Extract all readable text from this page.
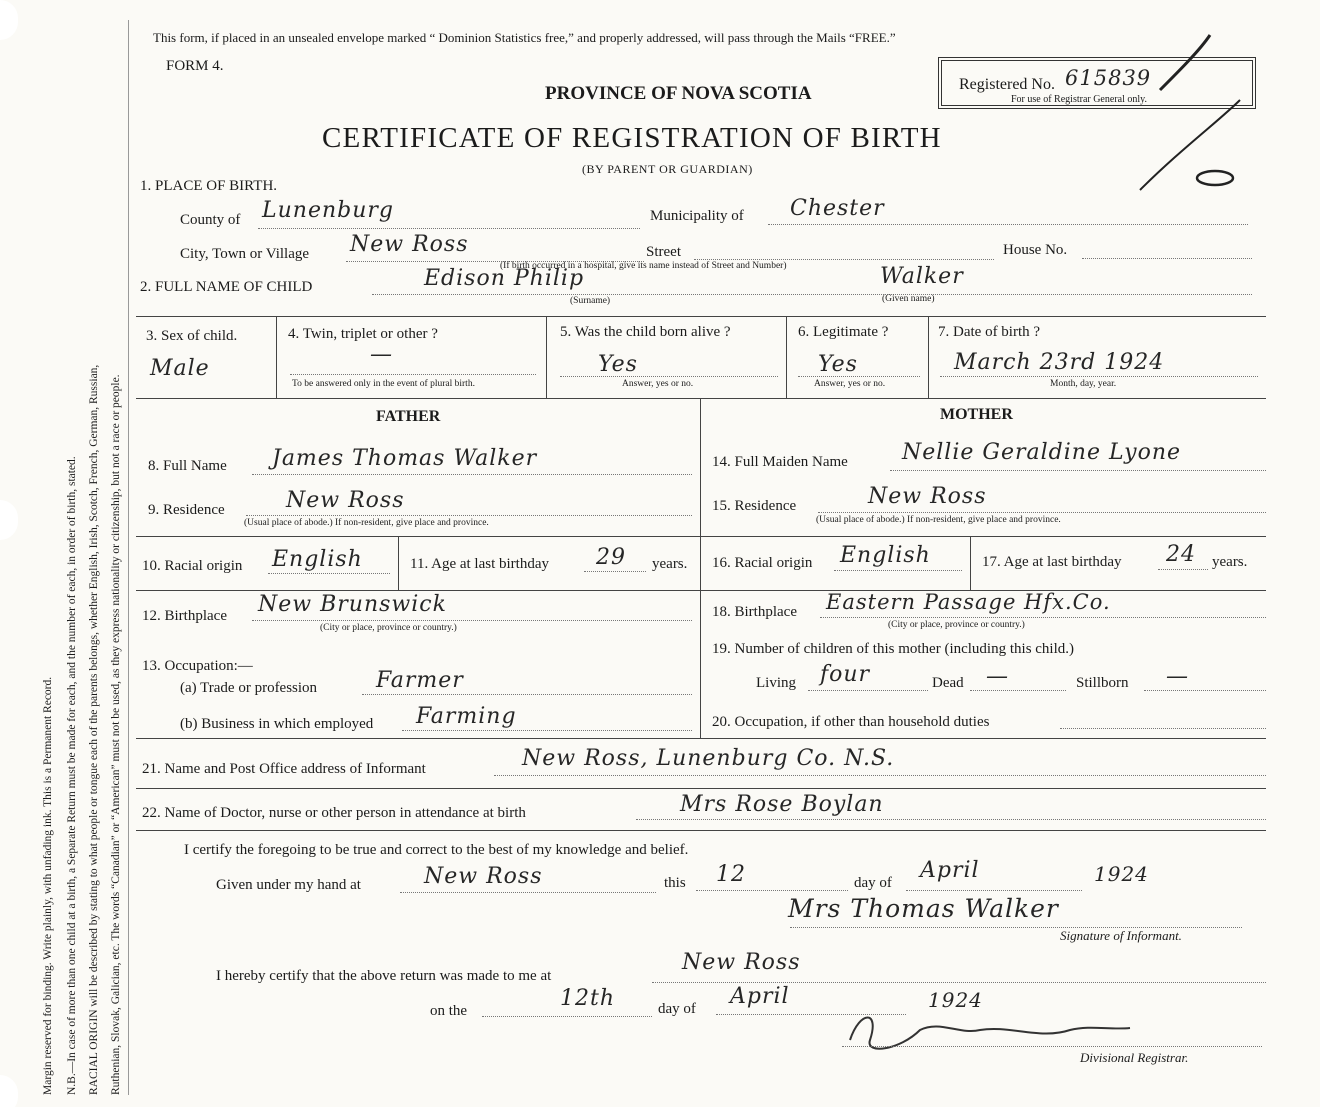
Margin reserved for binding. Write plainly, with unfading ink. This is a Permanent Record. N.B.—In case of more than one child at a birth, a Separate Return must be made for each, and the number of each, in order of birth, stated. RACIAL ORIGIN will be described by stating to what people or tongue each of the parents belongs, whether English, Irish, Scotch, French, German, Russian, Ruthenian, Slovak, Galician, etc. The words “Canadian” or “American” must not be used, as they express nationality or citizenship, but not a race or people.
This form, if placed in an unsealed envelope marked “ Dominion Statistics free,” and properly addressed, will pass through the Mails “FREE.”
FORM 4.
PROVINCE OF NOVA SCOTIA
CERTIFICATE OF REGISTRATION OF BIRTH
(BY PARENT OR GUARDIAN)
Registered No. 615839
For use of Registrar General only.
1. PLACE OF BIRTH.
County of Lunenburg	Municipality of Chester
City, Town or Village New Ross	Street	House No.
(If birth occurred in a hospital, give its name instead of Street and Number)
2. FULL NAME OF CHILD	Edison Philip	Walker
(Surname)	(Given name)
3. Sex of child.
Male
4. Twin, triplet or other ?
—
To be answered only in the event of plural birth.
5. Was the child born alive ?
Yes
Answer, yes or no.
6. Legitimate ?
Yes
Answer, yes or no.
7. Date of birth ?
March 23rd 1924
Month, day, year.
FATHER	MOTHER
8. Full Name James Thomas Walker
9. Residence	New Ross
(Usual place of abode.) If non-resident, give place and province.
10. Racial origin English	11. Age at last birthday 29 years.
12. Birthplace New Brunswick
(City or place, province or country.)
13. Occupation:—
(a) Trade or profession	Farmer
(b) Business in which employed Farming
14. Full Maiden Name Nellie Geraldine Lyone
15. Residence	New Ross
(Usual place of abode.) If non-resident, give place and province.
16. Racial origin English	17. Age at last birthday 24 years.
18. Birthplace Eastern Passage Hfx.Co.
(City or place, province or country.)
19. Number of children of this mother (including this child.)
Living four	Dead —	Stillborn —
20. Occupation, if other than household duties
21. Name and Post Office address of Informant	New Ross, Lunenburg Co. N.S.
22. Name of Doctor, nurse or other person in attendance at birth	Mrs Rose Boylan
I certify the foregoing to be true and correct to the best of my knowledge and belief.
Given under my hand at	New Ross	this 12	day of April	1924
Mrs Thomas Walker
Signature of Informant.
I hereby certify that the above return was made to me at
New Ross
on the	12th	day of April	1924
Divisional Registrar.
